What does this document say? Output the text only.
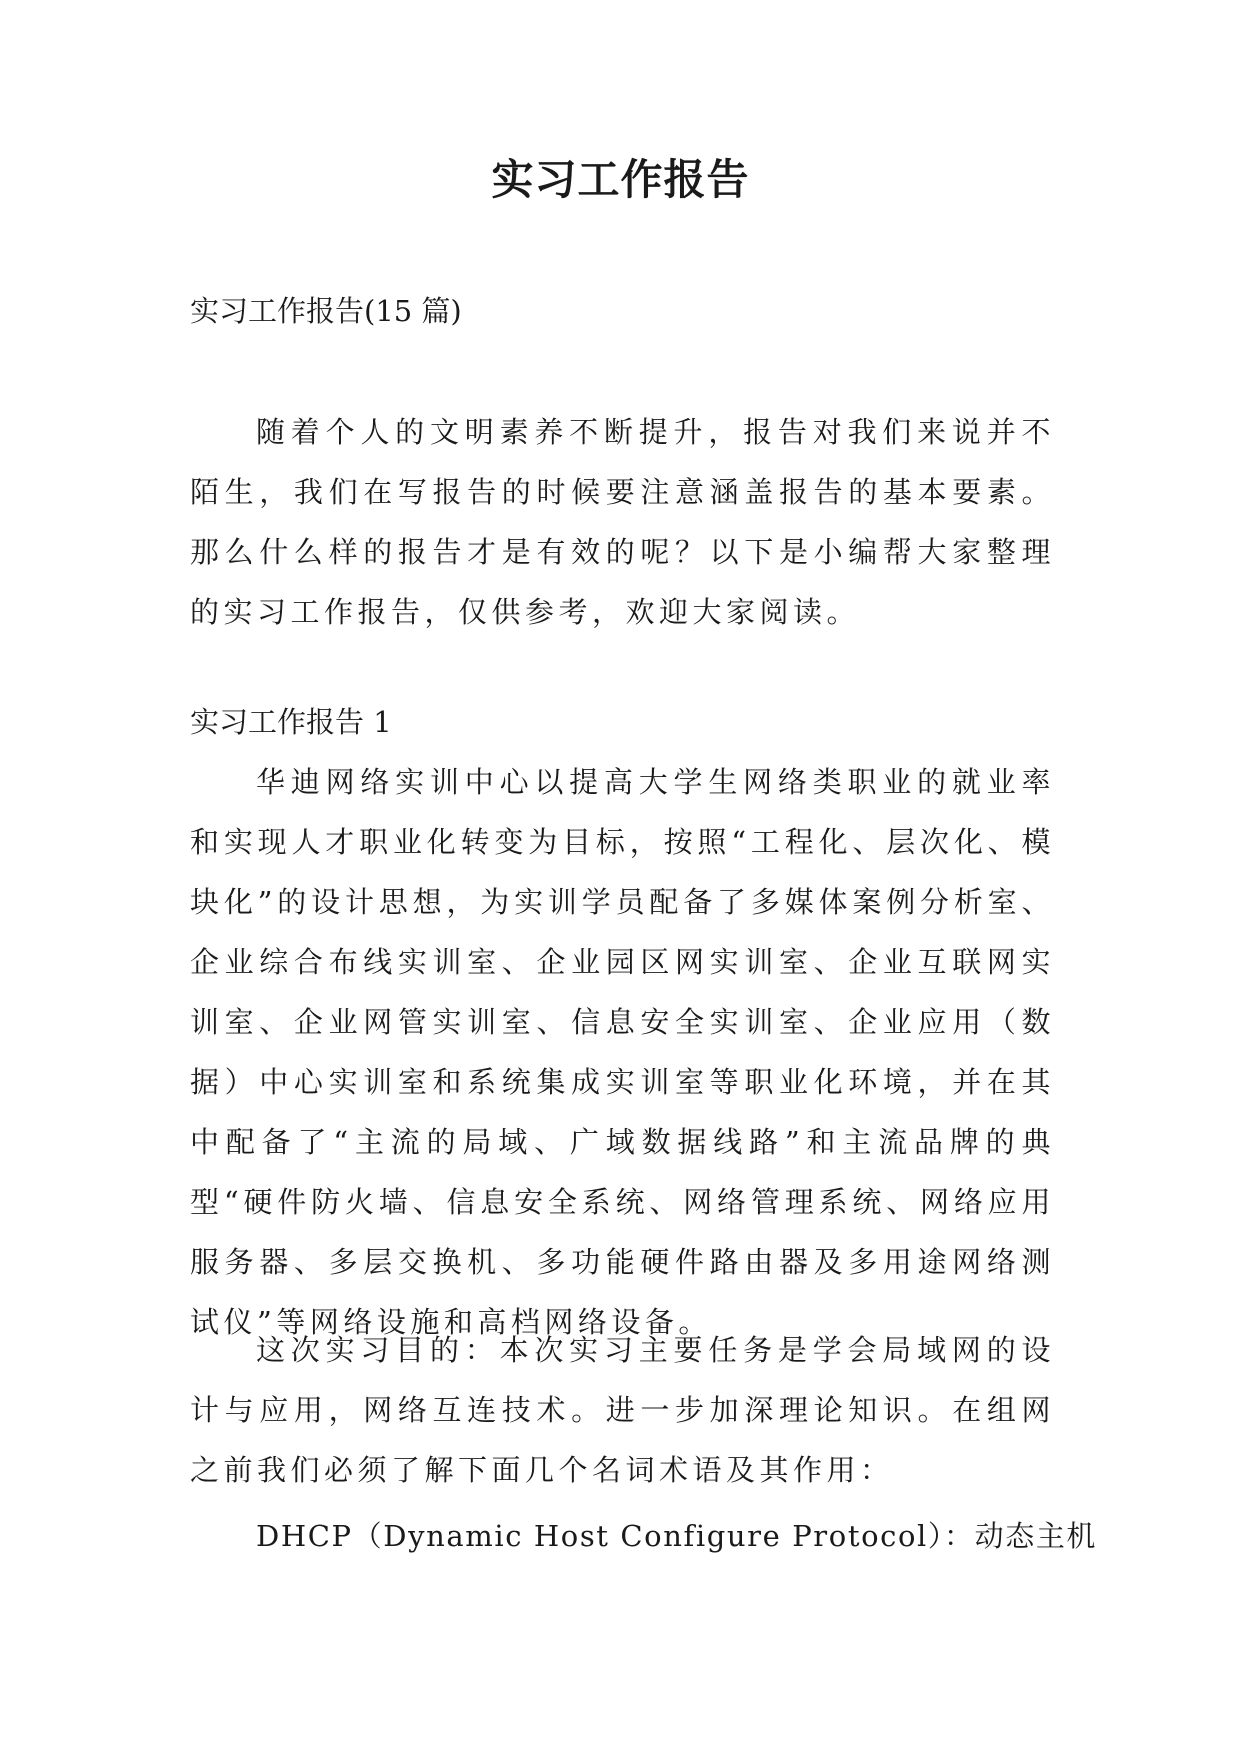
实习工作报告
实习工作报告(15 篇)

随着个人的文明素养不断提升，报告对我们来说并不陌生，我们在写报告的时候要注意涵盖报告的基本要素。那么什么样的报告才是有效的呢？以下是小编帮大家整理的实习工作报告，仅供参考，欢迎大家阅读。

实习工作报告 1

华迪网络实训中心以提高大学生网络类职业的就业率和实现人才职业化转变为目标，按照“工程化、层次化、模块化”的设计思想，为实训学员配备了多媒体案例分析室、企业综合布线实训室、企业园区网实训室、企业互联网实训室、企业网管实训室、信息安全实训室、企业应用（数据）中心实训室和系统集成实训室等职业化环境，并在其中配备了“主流的局域、广域数据线路”和主流品牌的典型“硬件防火墙、信息安全系统、网络管理系统、网络应用服务器、多层交换机、多功能硬件路由器及多用途网络测试仪”等网络设施和高档网络设备。

这次实习目的：本次实习主要任务是学会局域网的设计与应用，网络互连技术。进一步加深理论知识。在组网之前我们必须了解下面几个名词术语及其作用：

DHCP（Dynamic Host Configure Protocol）：动态主机
